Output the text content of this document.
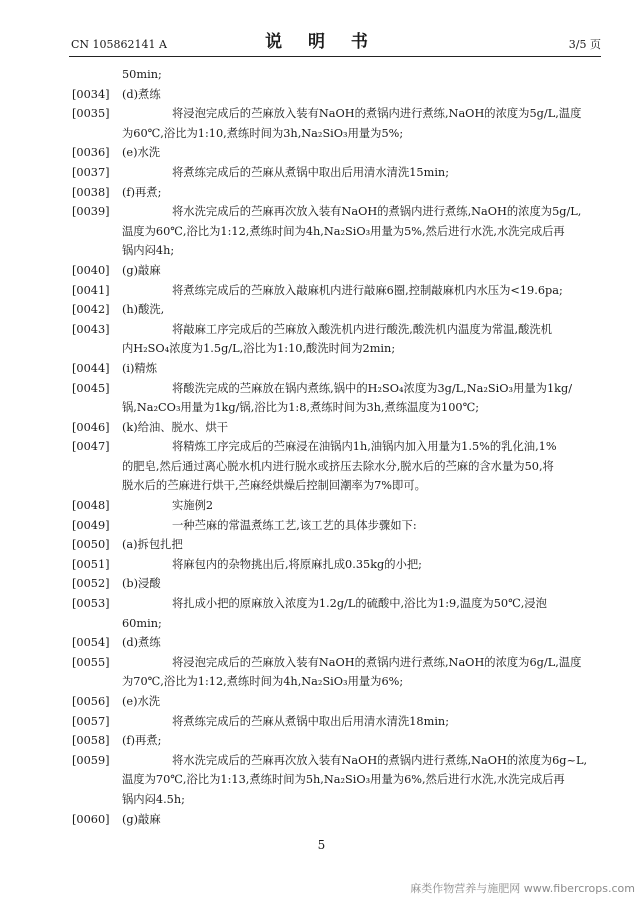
CN 105862141 A	说 明 书	3/5 页
50min;
[0034] (d)煮练
[0035]	将浸泡完成后的苎麻放入装有NaOH的煮锅内进行煮练,NaOH的浓度为5g/L,温度
为60℃,浴比为1:10,煮练时间为3h,Na₂SiO₃用量为5%;
[0036] (e)水洗
[0037]	将煮练完成后的苎麻从煮锅中取出后用清水清洗15min;
[0038] (f)再煮;
[0039]	将水洗完成后的苎麻再次放入装有NaOH的煮锅内进行煮练,NaOH的浓度为5g/L,
温度为60℃,浴比为1:12,煮练时间为4h,Na₂SiO₃用量为5%,然后进行水洗,水洗完成后再
锅内闷4h;
[0040] (g)敲麻
[0041]	将煮练完成后的苎麻放入敲麻机内进行敲麻6圈,控制敲麻机内水压为<19.6pa;
[0042] (h)酸洗,
[0043]	将敲麻工序完成后的苎麻放入酸洗机内进行酸洗,酸洗机内温度为常温,酸洗机
内H₂SO₄浓度为1.5g/L,浴比为1:10,酸洗时间为2min;
[0044] (i)精炼
[0045]	将酸洗完成的苎麻放在锅内煮练,锅中的H₂SO₄浓度为3g/L,Na₂SiO₃用量为1kg/
锅,Na₂CO₃用量为1kg/锅,浴比为1:8,煮练时间为3h,煮练温度为100℃;
[0046] (k)给油、脱水、烘干
[0047]	将精炼工序完成后的苎麻浸在油锅内1h,油锅内加入用量为1.5%的乳化油,1%
的肥皂,然后通过离心脱水机内进行脱水或挤压去除水分,脱水后的苎麻的含水量为50,将
脱水后的苎麻进行烘干,苎麻经烘燥后控制回潮率为7%即可。
[0048]	实施例2
[0049]	一种苎麻的常温煮练工艺,该工艺的具体步骤如下:
[0050] (a)拆包扎把
[0051]	将麻包内的杂物挑出后,将原麻扎成0.35kg的小把;
[0052] (b)浸酸
[0053]	将扎成小把的原麻放入浓度为1.2g/L的硫酸中,浴比为1:9,温度为50℃,浸泡
60min;
[0054] (d)煮练
[0055]	将浸泡完成后的苎麻放入装有NaOH的煮锅内进行煮练,NaOH的浓度为6g/L,温度
为70℃,浴比为1:12,煮练时间为4h,Na₂SiO₃用量为6%;
[0056] (e)水洗
[0057]	将煮练完成后的苎麻从煮锅中取出后用清水清洗18min;
[0058] (f)再煮;
[0059]	将水洗完成后的苎麻再次放入装有NaOH的煮锅内进行煮练,NaOH的浓度为6g~L,
温度为70℃,浴比为1:13,煮练时间为5h,Na₂SiO₃用量为6%,然后进行水洗,水洗完成后再
锅内闷4.5h;
[0060] (g)敲麻
5
麻类作物营养与施肥网 www.fibercrops.com
